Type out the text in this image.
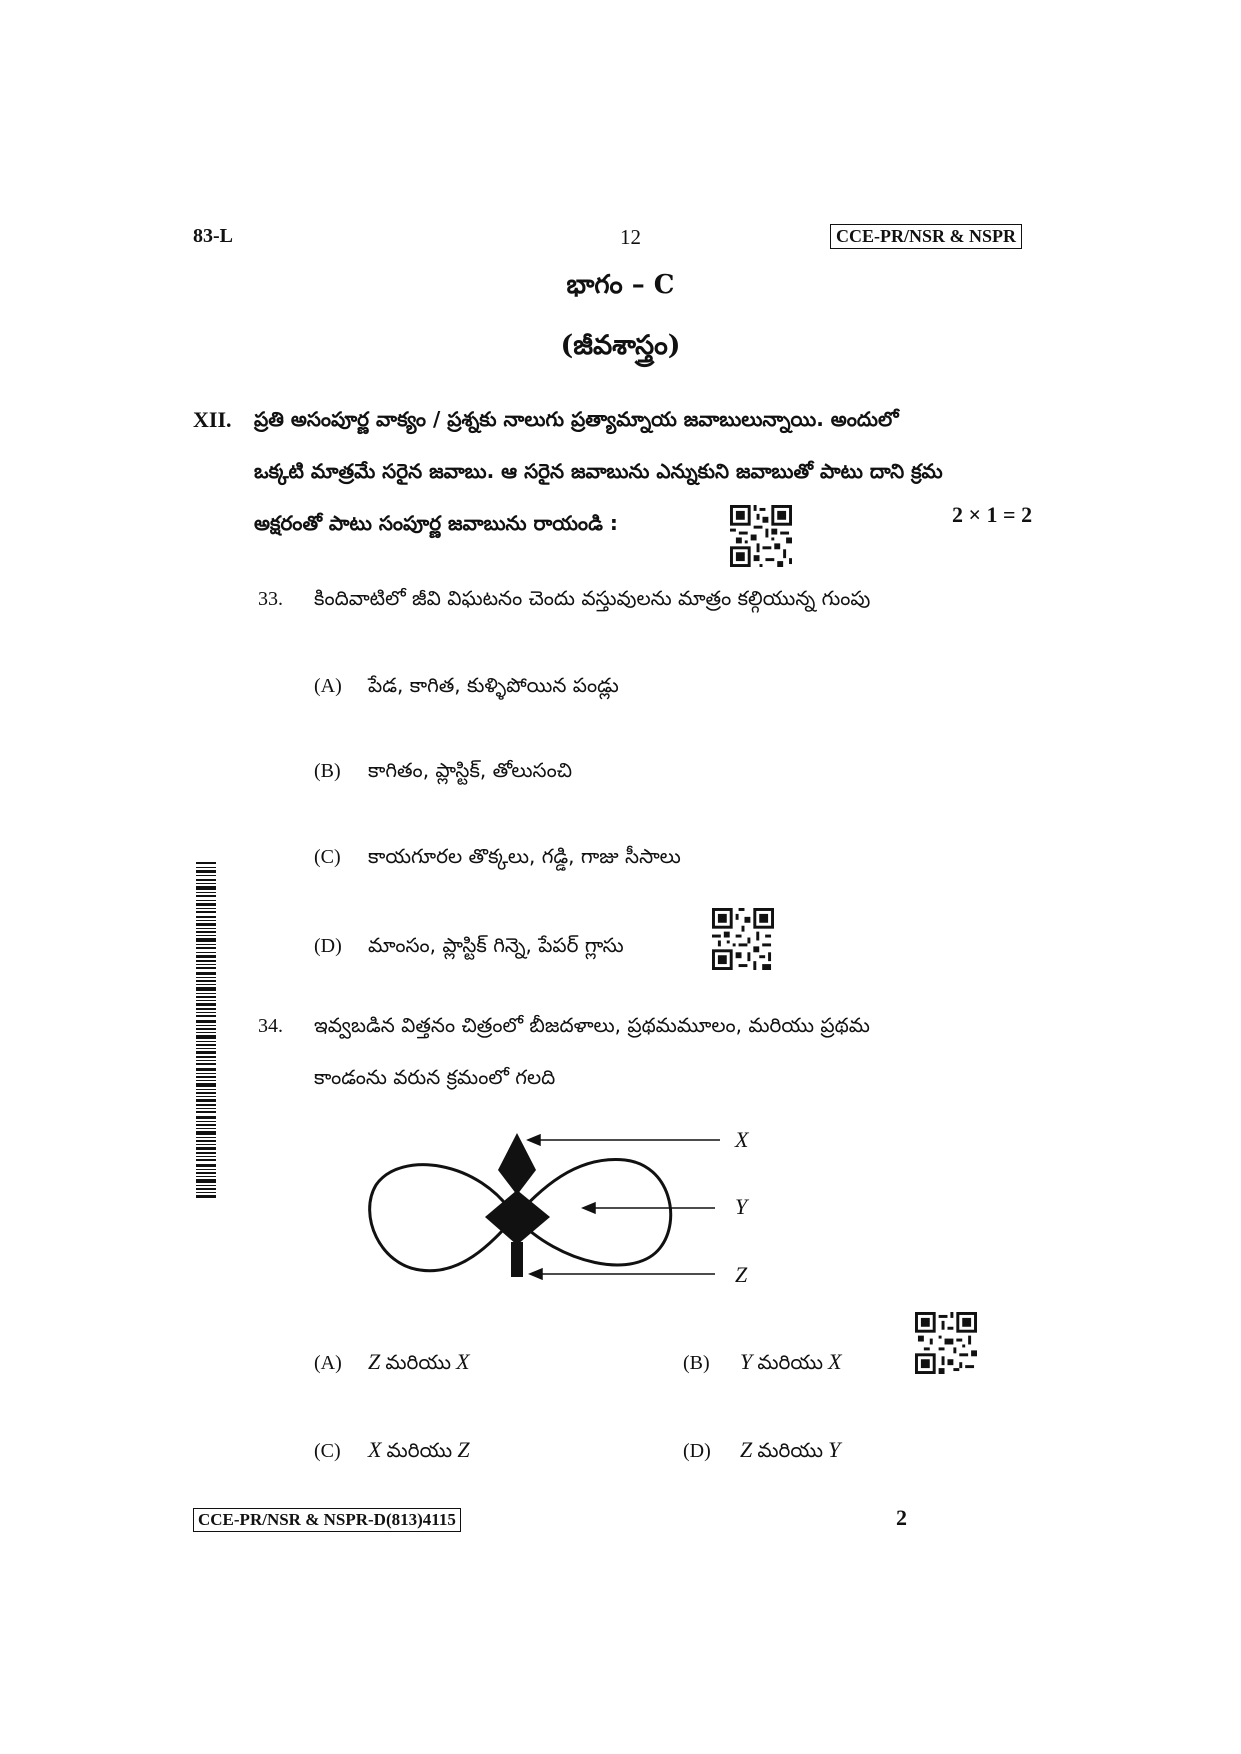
83-L	12	CCE-PR/NSR & NSPR
భాగం – C
(జీవశాస్త్రం)
XII. ప్రతి అసంపూర్ణ వాక్యం / ప్రశ్నకు నాలుగు ప్రత్యామ్నాయ జవాబులున్నాయి. అందులో
ఒక్కటి మాత్రమే సరైన జవాబు. ఆ సరైన జవాబును ఎన్నుకుని జవాబుతో పాటు దాని క్రమ
అక్షరంతో పాటు సంపూర్ణ జవాబును రాయండి :	2 × 1 = 2
33. కిందివాటిలో జీవి విఘటనం చెందు వస్తువులను మాత్రం కల్గియున్న గుంపు
(A) పేడ, కాగిత, కుళ్ళిపోయిన పండ్లు
(B) కాగితం, ప్లాస్టిక్, తోలుసంచి
(C) కాయగూరల తొక్కలు, గడ్డి, గాజు సీసాలు
(D) మాంసం, ప్లాస్టిక్ గిన్నె, పేపర్ గ్లాసు
34. ఇవ్వబడిన విత్తనం చిత్రంలో బీజదళాలు, ప్రథమమూలం, మరియు ప్రథమ
కాండంను వరున క్రమంలో గలది
X
Y
Z
(A) Z మరియు X	(B) Y మరియు X
(C) X మరియు Z	(D) Z మరియు Y
CCE-PR/NSR & NSPR-D(813)4115	2
